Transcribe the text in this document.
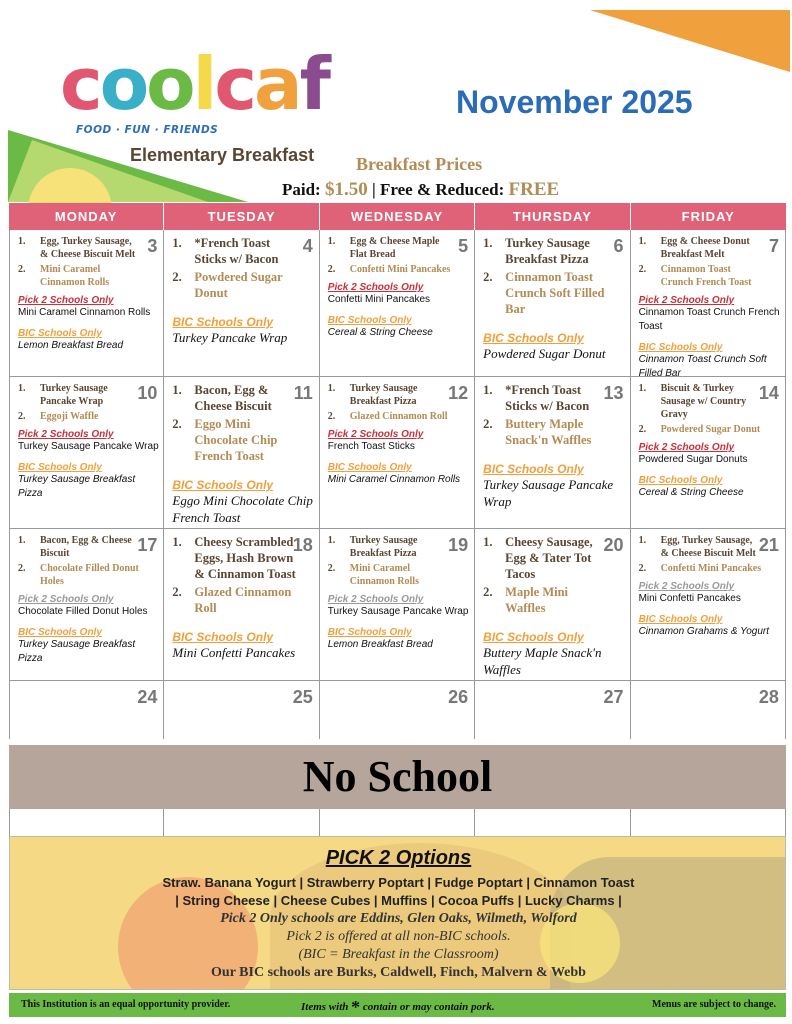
coolcaf
FOOD · FUN · FRIENDS
Elementary Breakfast
November 2025
Breakfast Prices
Paid: $1.50 | Free & Reduced: FREE
MONDAY	TUESDAY	WEDNESDAY	THURSDAY	FRIDAY
3
1.	Egg, Turkey Sausage, & Cheese Biscuit Melt
2.	Mini Caramel Cinnamon Rolls
Pick 2 Schools Only
Mini Caramel Cinnamon Rolls
BIC Schools Only
Lemon Breakfast Bread
4
1.	*French Toast Sticks w/ Bacon
2.	Powdered Sugar Donut
BIC Schools Only
Turkey Pancake Wrap
5
1.	Egg & Cheese Maple Flat Bread
2.	Confetti Mini Pancakes
Pick 2 Schools Only
Confetti Mini Pancakes
BIC Schools Only
Cereal & String Cheese
6
1.	Turkey Sausage Breakfast Pizza
2.	Cinnamon Toast Crunch Soft Filled Bar
BIC Schools Only
Powdered Sugar Donut
7
1.	Egg & Cheese Donut Breakfast Melt
2.	Cinnamon Toast Crunch French Toast
Pick 2 Schools Only
Cinnamon Toast Crunch French Toast
BIC Schools Only
Cinnamon Toast Crunch Soft Filled Bar
10
1.	Turkey Sausage Pancake Wrap
2.	Eggoji Waffle
Pick 2 Schools Only
Turkey Sausage Pancake Wrap
BIC Schools Only
Turkey Sausage Breakfast Pizza
11
1.	Bacon, Egg & Cheese Biscuit
2.	Eggo Mini Chocolate Chip French Toast
BIC Schools Only
Eggo Mini Chocolate Chip French Toast
12
1.	Turkey Sausage Breakfast Pizza
2.	Glazed Cinnamon Roll
Pick 2 Schools Only
French Toast Sticks
BIC Schools Only
Mini Caramel Cinnamon Rolls
13
1.	*French Toast Sticks w/ Bacon
2.	Buttery Maple Snack'n Waffles
BIC Schools Only
Turkey Sausage Pancake Wrap
14
1.	Biscuit & Turkey Sausage w/ Country Gravy
2.	Powdered Sugar Donut
Pick 2 Schools Only
Powdered Sugar Donuts
BIC Schools Only
Cereal & String Cheese
17
1.	Bacon, Egg & Cheese Biscuit
2.	Chocolate Filled Donut Holes
Pick 2 Schools Only
Chocolate Filled Donut Holes
BIC Schools Only
Turkey Sausage Breakfast Pizza
18
1.	Cheesy Scrambled Eggs, Hash Brown & Cinnamon Toast
2.	Glazed Cinnamon Roll
BIC Schools Only
Mini Confetti Pancakes
19
1.	Turkey Sausage Breakfast Pizza
2.	Mini Caramel Cinnamon Rolls
Pick 2 Schools Only
Turkey Sausage Pancake Wrap
BIC Schools Only
Lemon Breakfast Bread
20
1.	Cheesy Sausage, Egg & Tater Tot Tacos
2.	Maple Mini Waffles
BIC Schools Only
Buttery Maple Snack'n Waffles
21
1.	Egg, Turkey Sausage, & Cheese Biscuit Melt
2.	Confetti Mini Pancakes
Pick 2 Schools Only
Mini Confetti Pancakes
BIC Schools Only
Cinnamon Grahams & Yogurt
24	25	26	27	28
No School
PICK 2 Options
Straw. Banana Yogurt | Strawberry Poptart | Fudge Poptart | Cinnamon Toast | String Cheese | Cheese Cubes | Muffins | Cocoa Puffs | Lucky Charms |
Pick 2 Only schools are Eddins, Glen Oaks, Wilmeth, Wolford
Pick 2 is offered at all non-BIC schools.
(BIC = Breakfast in the Classroom)
Our BIC schools are Burks, Caldwell, Finch, Malvern & Webb
This Institution is an equal opportunity provider.	Items with * contain or may contain pork.	Menus are subject to change.
